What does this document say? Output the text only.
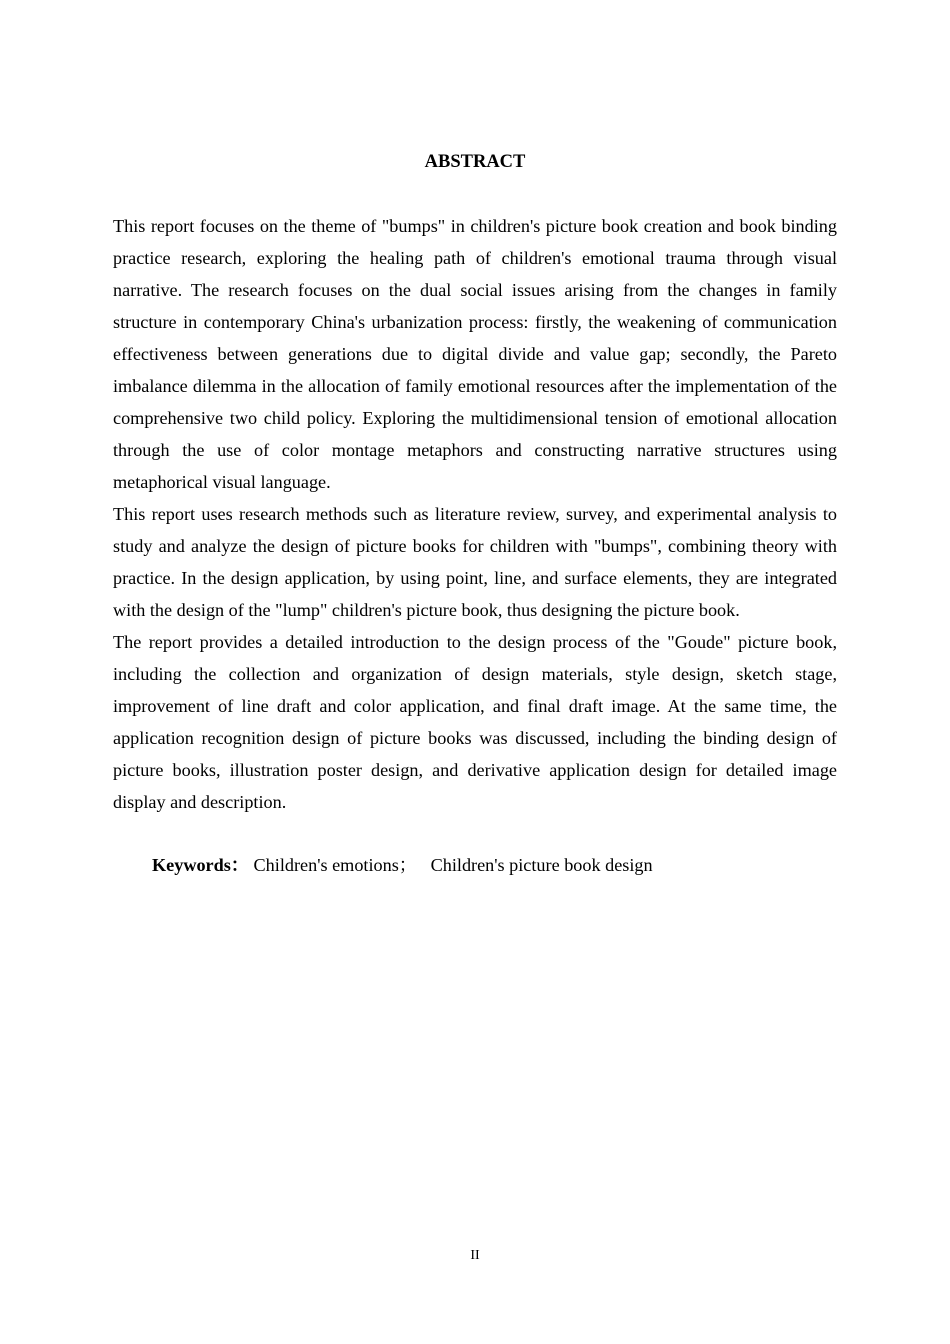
ABSTRACT

This report focuses on the theme of "bumps" in children's picture book creation and book binding practice research, exploring the healing path of children's emotional trauma through visual narrative. The research focuses on the dual social issues arising from the changes in family structure in contemporary China's urbanization process: firstly, the weakening of communication effectiveness between generations due to digital divide and value gap; secondly, the Pareto imbalance dilemma in the allocation of family emotional resources after the implementation of the comprehensive two child policy. Exploring the multidimensional tension of emotional allocation through the use of color montage metaphors and constructing narrative structures using metaphorical visual language.

This report uses research methods such as literature review, survey, and experimental analysis to study and analyze the design of picture books for children with "bumps", combining theory with practice. In the design application, by using point, line, and surface elements, they are integrated with the design of the "lump" children's picture book, thus designing the picture book.

The report provides a detailed introduction to the design process of the "Goude" picture book, including the collection and organization of design materials, style design, sketch stage, improvement of line draft and color application, and final draft image. At the same time, the application recognition design of picture books was discussed, including the binding design of picture books, illustration poster design, and derivative application design for detailed image display and description.

Keywords： Children's emotions； Children's picture book design
II
